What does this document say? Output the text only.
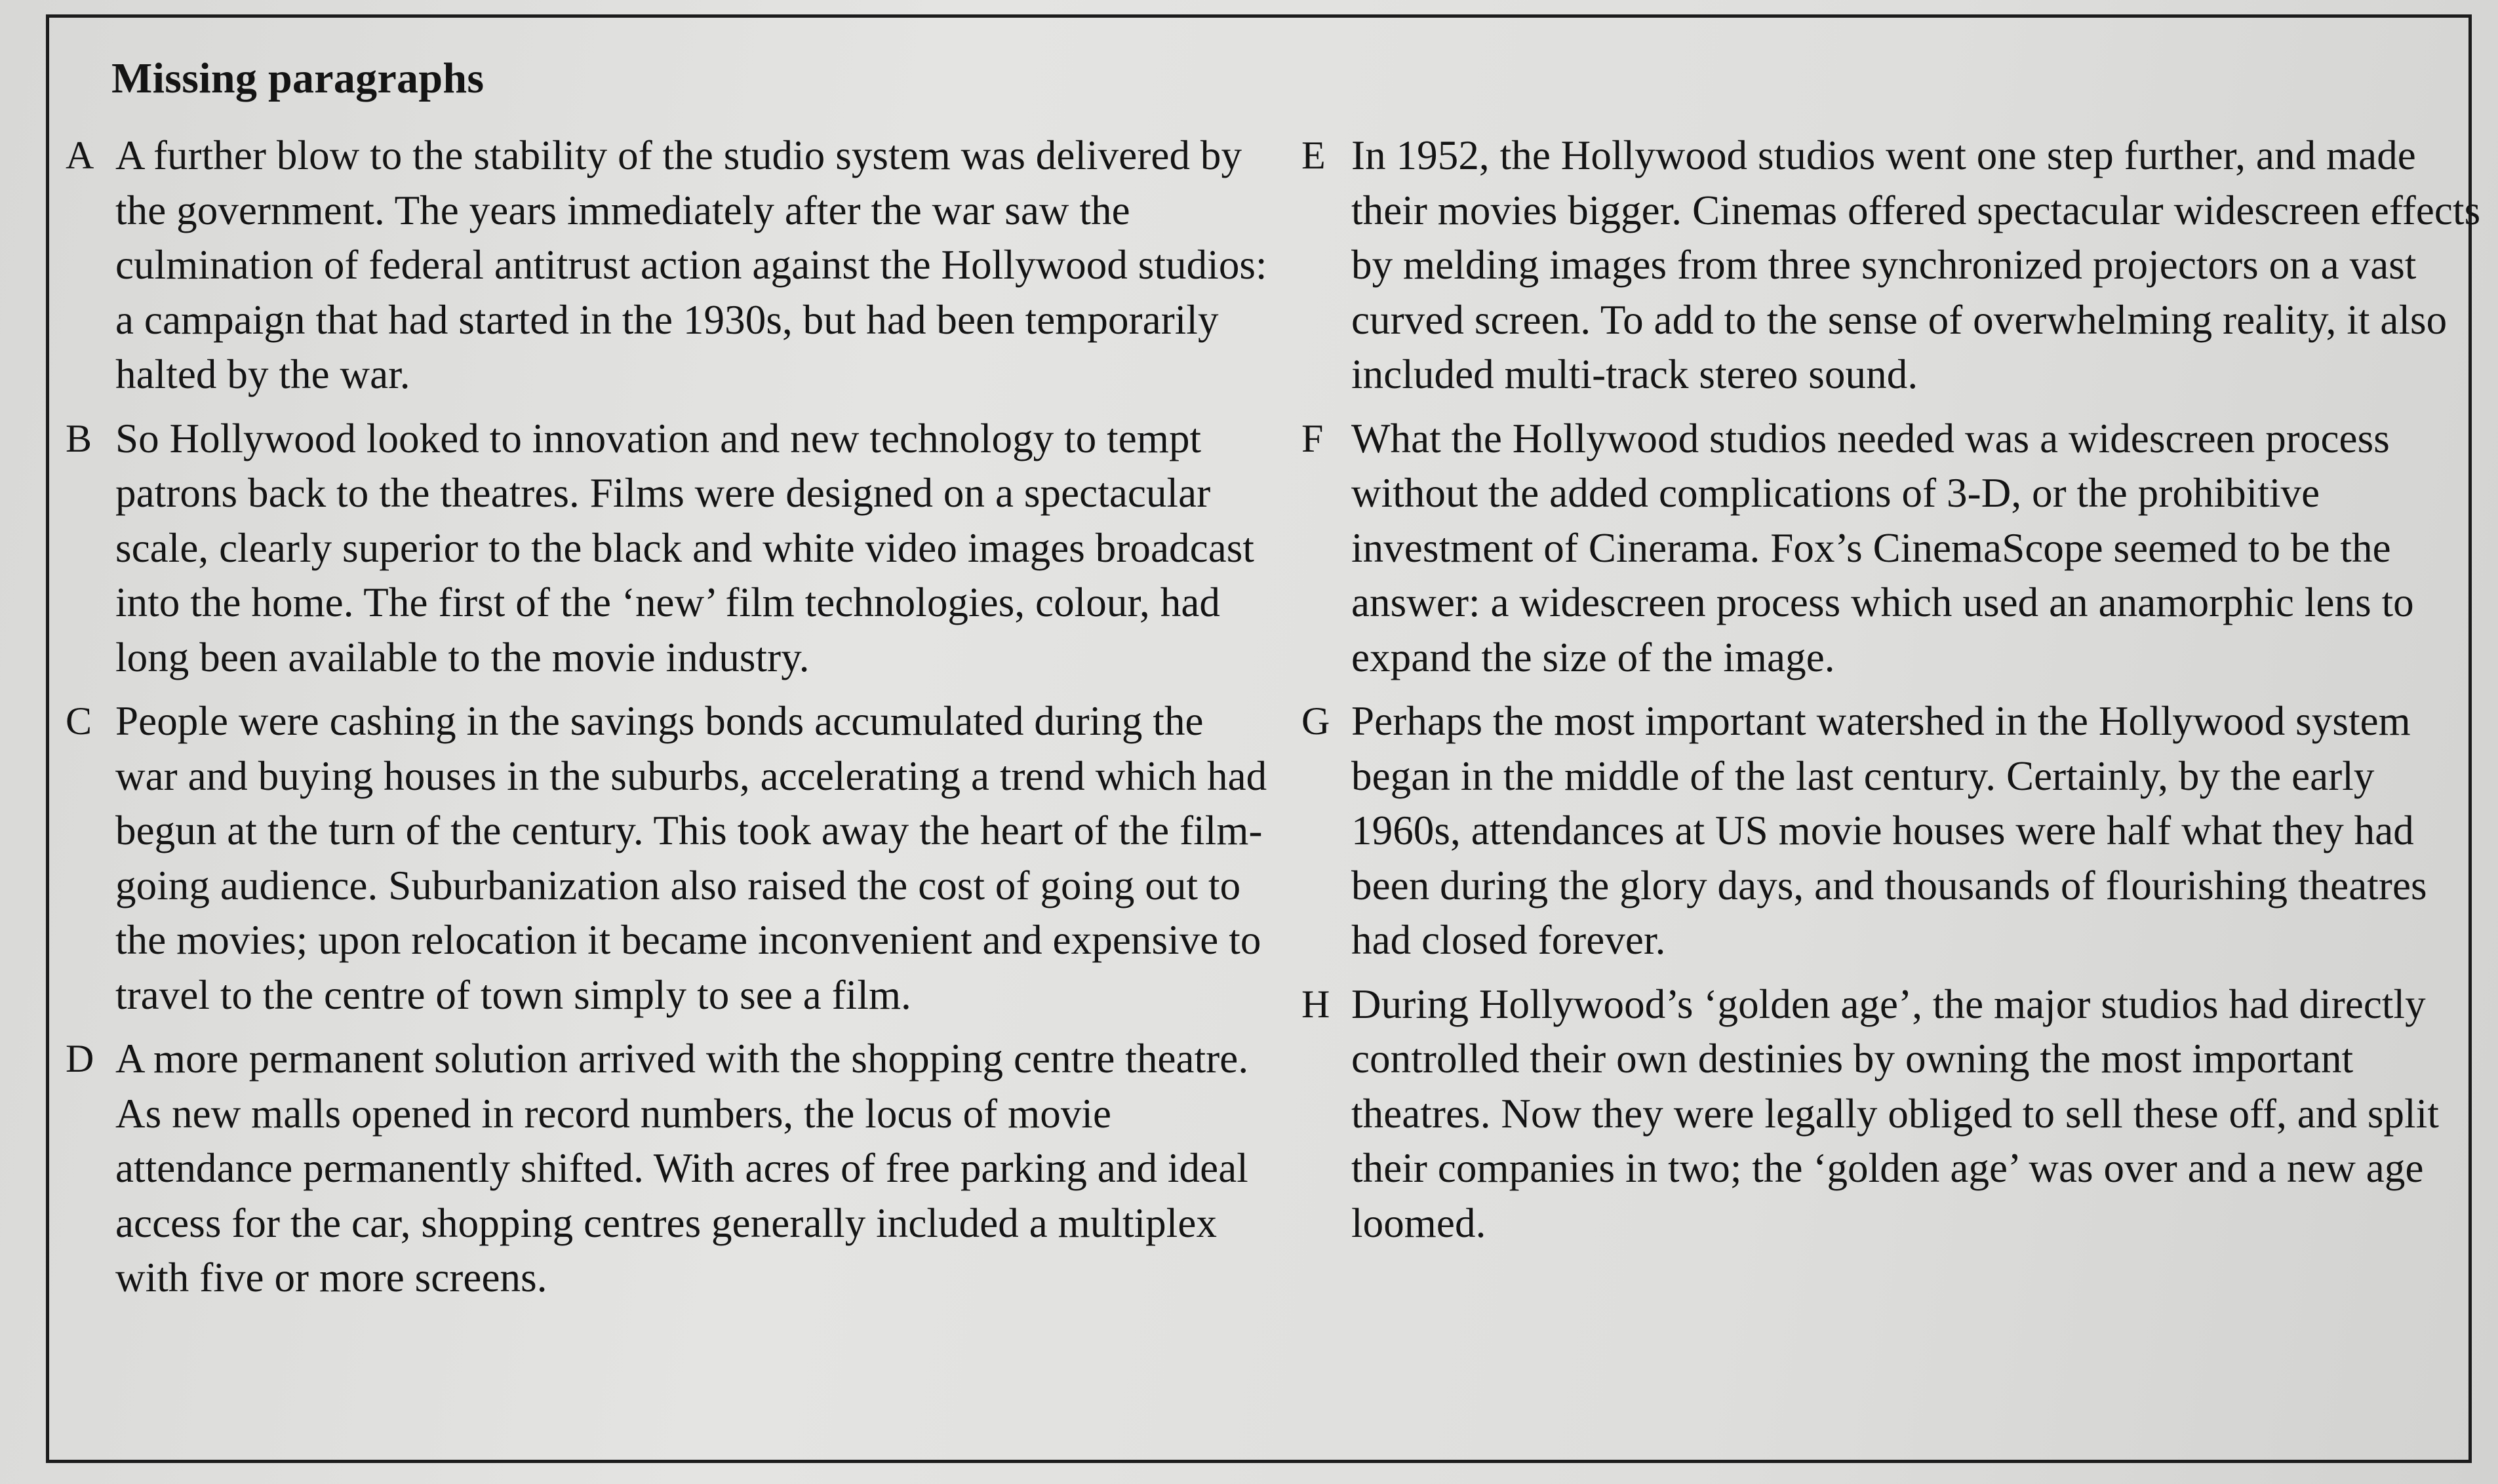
Missing paragraphs
A A further blow to the stability of the studio system was delivered by the government. The years immediately after the war saw the culmination of federal antitrust action against the Hollywood studios: a campaign that had started in the 1930s, but had been temporarily halted by the war.

B So Hollywood looked to innovation and new technology to tempt patrons back to the theatres. Films were designed on a spectacular scale, clearly superior to the black and white video images broadcast into the home. The first of the ‘new’ film technologies, colour, had long been available to the movie industry.

C People were cashing in the savings bonds accumulated during the war and buying houses in the suburbs, accelerating a trend which had begun at the turn of the century. This took away the heart of the film-going audience. Suburbanization also raised the cost of going out to the movies; upon relocation it became inconvenient and expensive to travel to the centre of town simply to see a film.

D A more permanent solution arrived with the shopping centre theatre. As new malls opened in record numbers, the locus of movie attendance permanently shifted. With acres of free parking and ideal access for the car, shopping centres generally included a multiplex with five or more screens.

E In 1952, the Hollywood studios went one step further, and made their movies bigger. Cinemas offered spectacular widescreen effects by melding images from three synchronized projectors on a vast curved screen. To add to the sense of overwhelming reality, it also included multi-track stereo sound.

F What the Hollywood studios needed was a widescreen process without the added complications of 3-D, or the prohibitive investment of Cinerama. Fox’s CinemaScope seemed to be the answer: a widescreen process which used an anamorphic lens to expand the size of the image.

G Perhaps the most important watershed in the Hollywood system began in the middle of the last century. Certainly, by the early 1960s, attendances at US movie houses were half what they had been during the glory days, and thousands of flourishing theatres had closed forever.

H During Hollywood’s ‘golden age’, the major studios had directly controlled their own destinies by owning the most important theatres. Now they were legally obliged to sell these off, and split their companies in two; the ‘golden age’ was over and a new age loomed.
